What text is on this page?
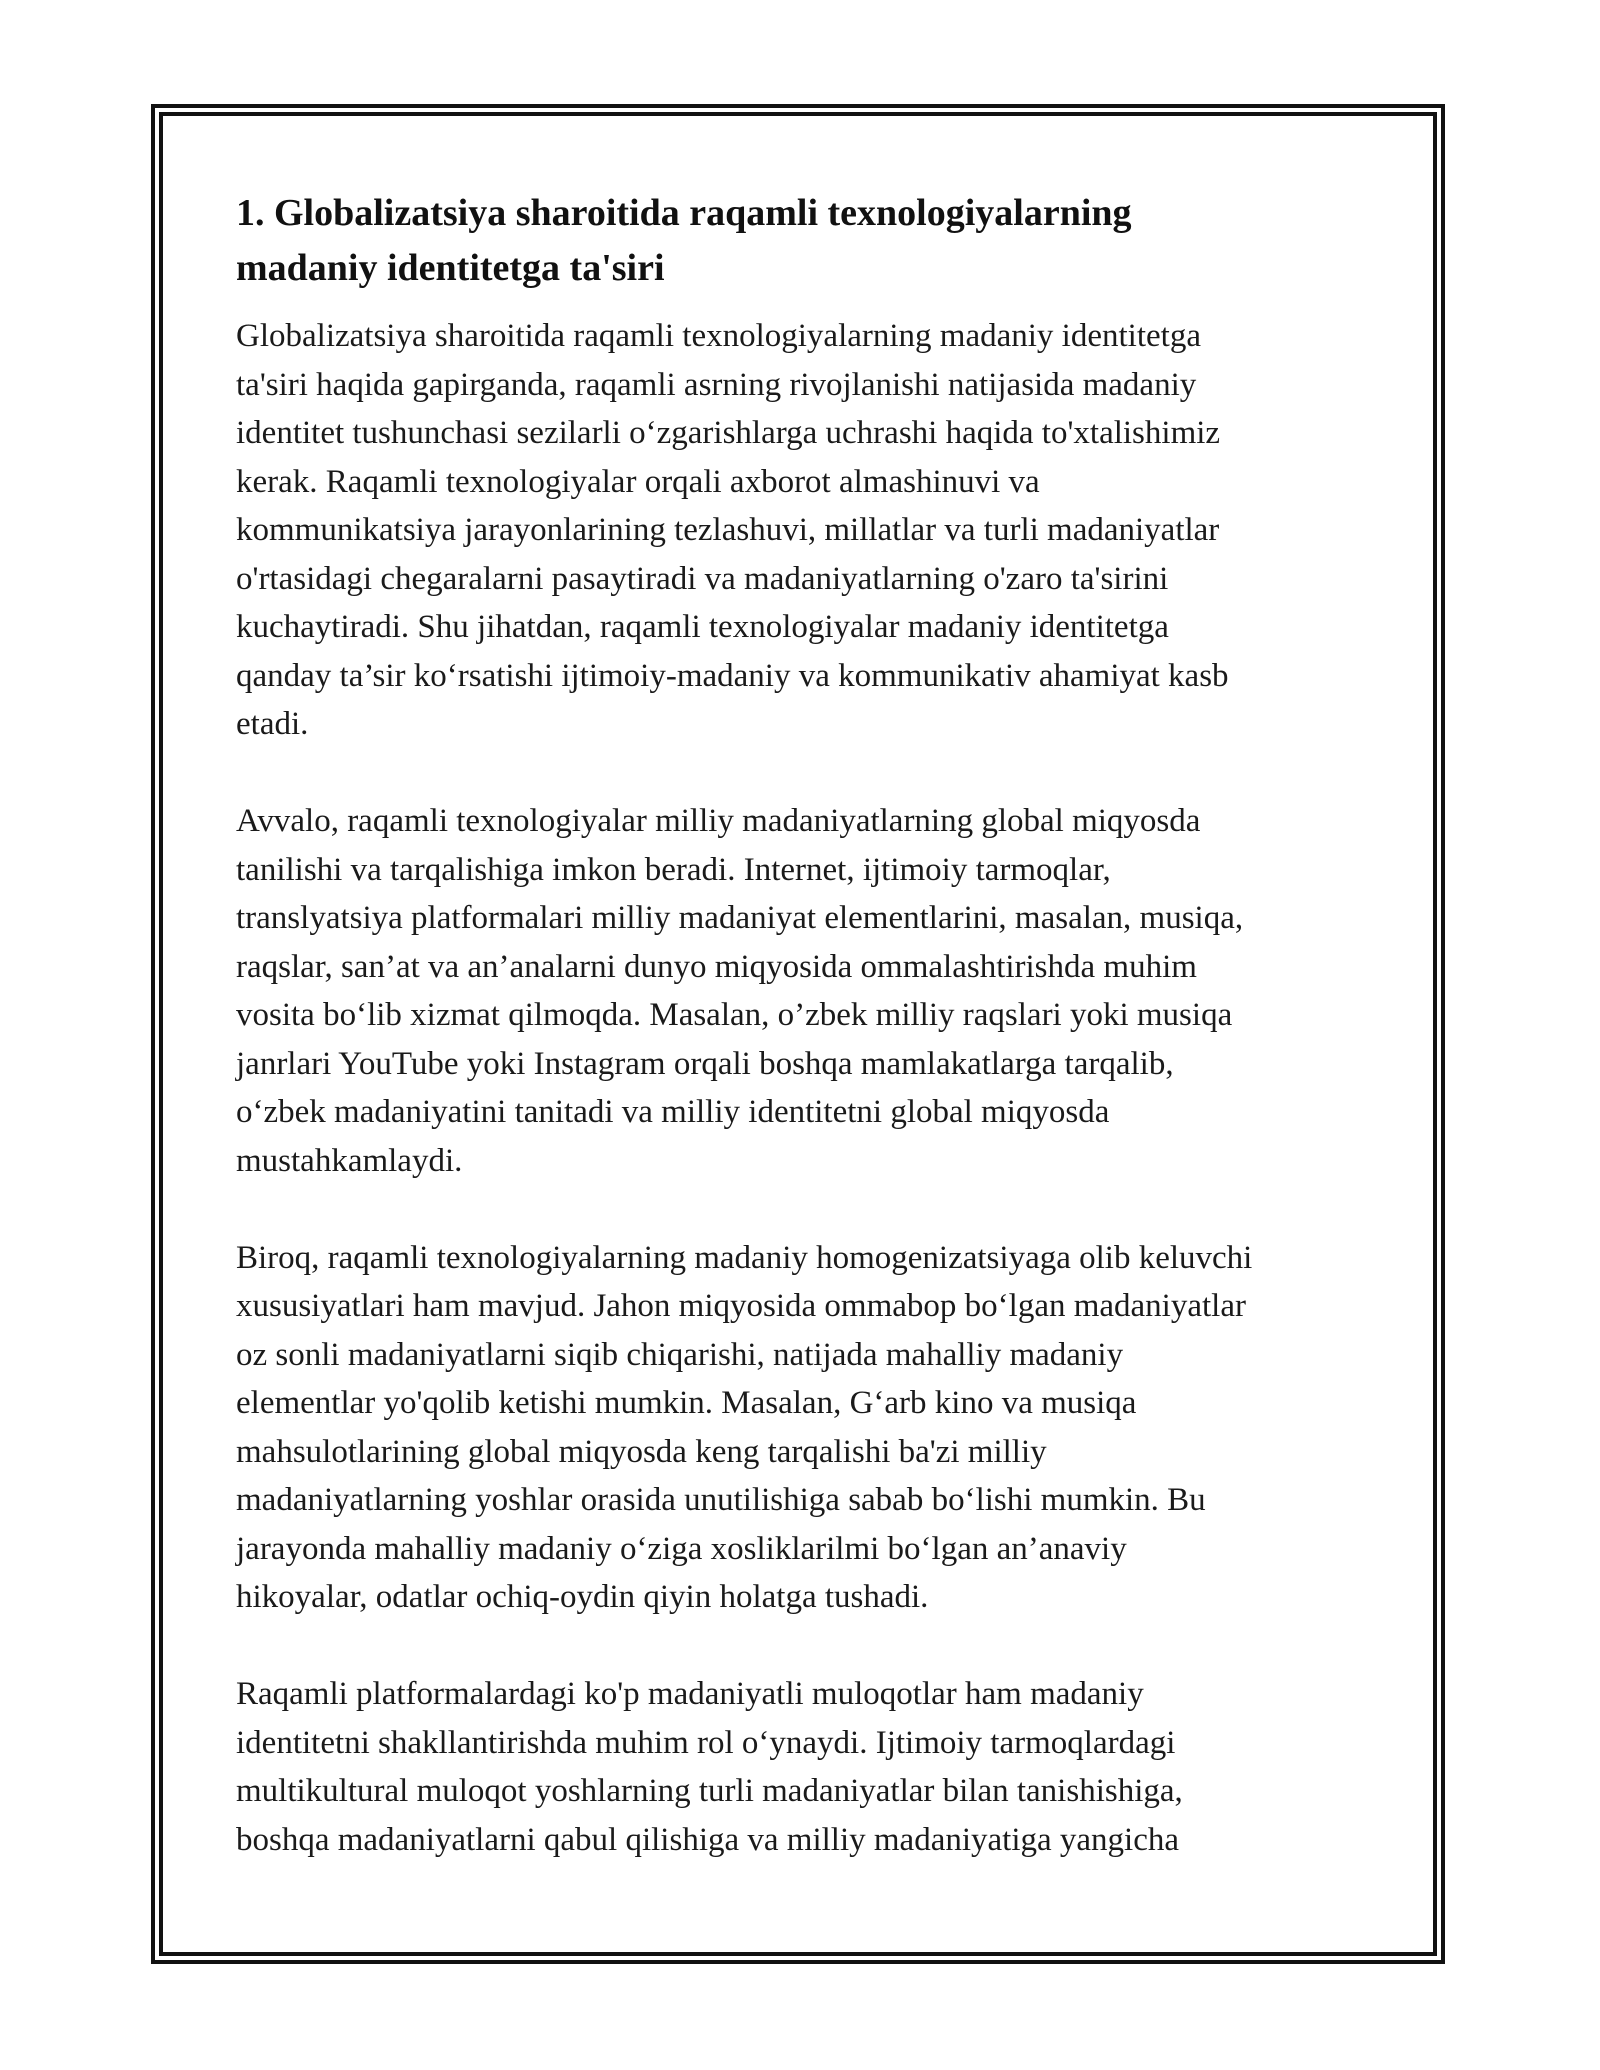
1. Globalizatsiya sharoitida raqamli texnologiyalarning
madaniy identitetga ta'siri

Globalizatsiya sharoitida raqamli texnologiyalarning madaniy identitetga
ta'siri haqida gapirganda, raqamli asrning rivojlanishi natijasida madaniy
identitet tushunchasi sezilarli o‘zgarishlarga uchrashi haqida to'xtalishimiz
kerak. Raqamli texnologiyalar orqali axborot almashinuvi va
kommunikatsiya jarayonlarining tezlashuvi, millatlar va turli madaniyatlar
o'rtasidagi chegaralarni pasaytiradi va madaniyatlarning o'zaro ta'sirini
kuchaytiradi. Shu jihatdan, raqamli texnologiyalar madaniy identitetga
qanday ta’sir ko‘rsatishi ijtimoiy-madaniy va kommunikativ ahamiyat kasb
etadi.

Avvalo, raqamli texnologiyalar milliy madaniyatlarning global miqyosda
tanilishi va tarqalishiga imkon beradi. Internet, ijtimoiy tarmoqlar,
translyatsiya platformalari milliy madaniyat elementlarini, masalan, musiqa,
raqslar, san’at va an’analarni dunyo miqyosida ommalashtirishda muhim
vosita bo‘lib xizmat qilmoqda. Masalan, o’zbek milliy raqslari yoki musiqa
janrlari YouTube yoki Instagram orqali boshqa mamlakatlarga tarqalib,
o‘zbek madaniyatini tanitadi va milliy identitetni global miqyosda
mustahkamlaydi.

Biroq, raqamli texnologiyalarning madaniy homogenizatsiyaga olib keluvchi
xususiyatlari ham mavjud. Jahon miqyosida ommabop bo‘lgan madaniyatlar
oz sonli madaniyatlarni siqib chiqarishi, natijada mahalliy madaniy
elementlar yo'qolib ketishi mumkin. Masalan, G‘arb kino va musiqa
mahsulotlarining global miqyosda keng tarqalishi ba'zi milliy
madaniyatlarning yoshlar orasida unutilishiga sabab bo‘lishi mumkin. Bu
jarayonda mahalliy madaniy o‘ziga xosliklarilmi bo‘lgan an’anaviy
hikoyalar, odatlar ochiq-oydin qiyin holatga tushadi.

Raqamli platformalardagi ko'p madaniyatli muloqotlar ham madaniy
identitetni shakllantirishda muhim rol o‘ynaydi. Ijtimoiy tarmoqlardagi
multikultural muloqot yoshlarning turli madaniyatlar bilan tanishishiga,
boshqa madaniyatlarni qabul qilishiga va milliy madaniyatiga yangicha
